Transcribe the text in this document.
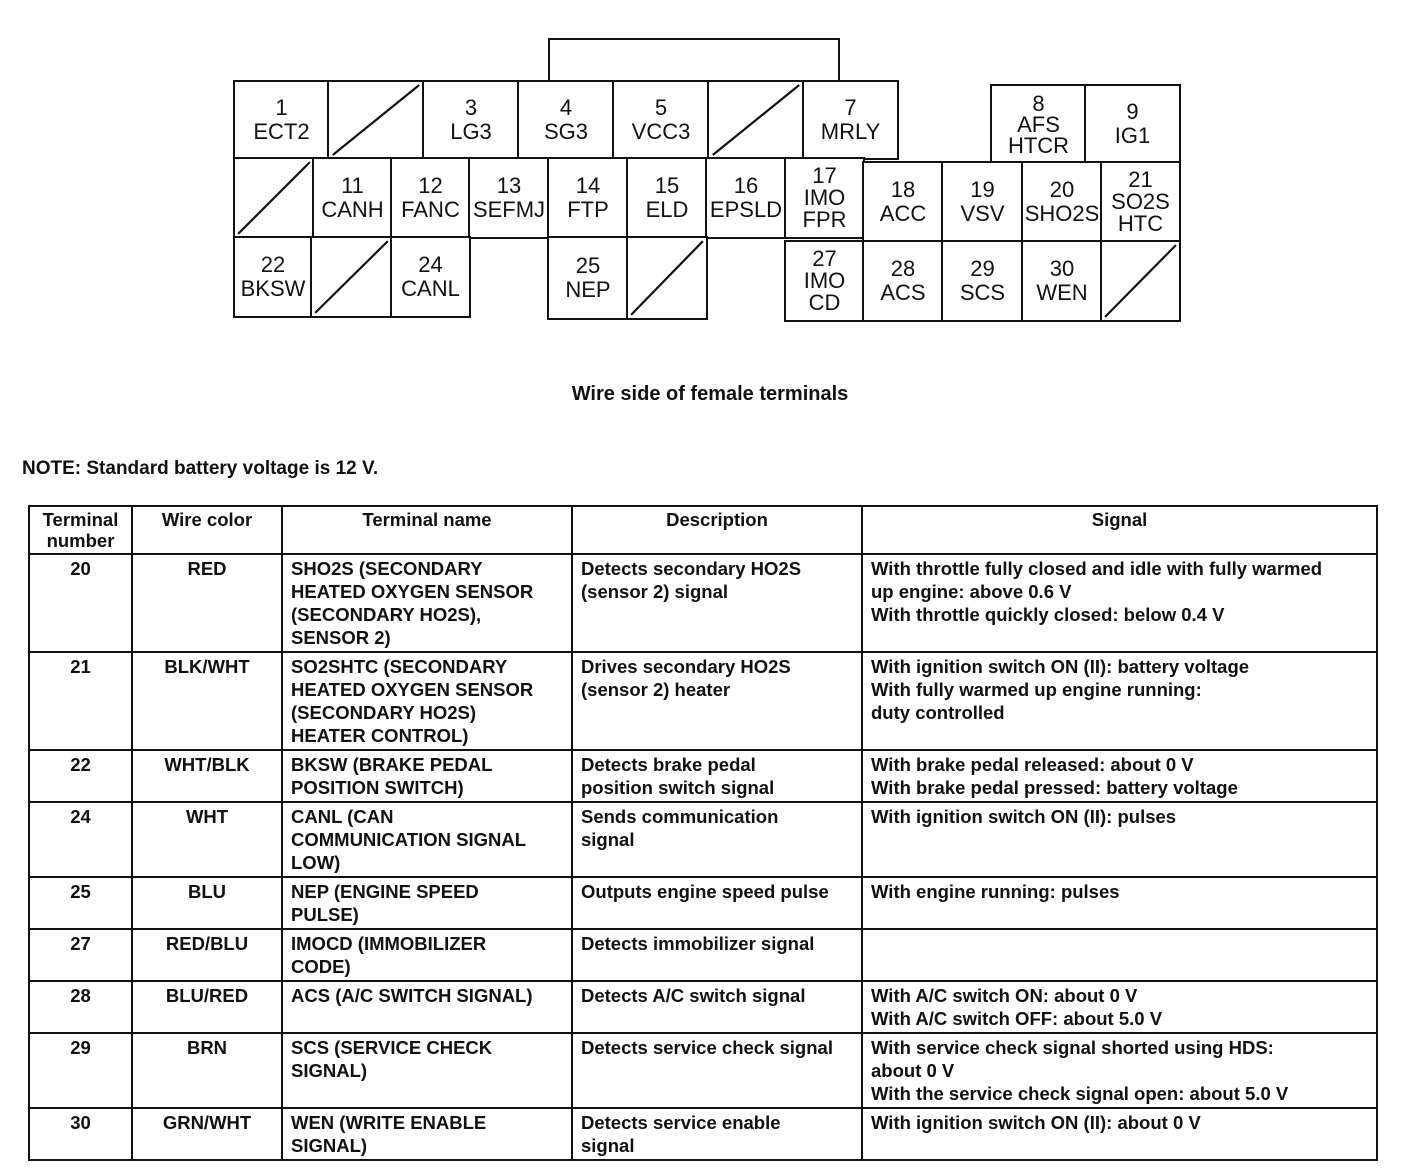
1
ECT2
3
LG3
4
SG3
5
VCC3
7
MRLY
8
AFS
HTCR
9
IG1
11
CANH
12
FANC
13
SEFMJ
14
FTP
15
ELD
16
EPSLD
17
IMO
FPR
18
ACC
19
VSV
20
SHO2S
21
SO2S
HTC
22
BKSW
24
CANL
25
NEP
27
IMO
CD
28
ACS
29
SCS
30
WEN
Wire side of female terminals
NOTE: Standard battery voltage is 12 V.
Terminal
number	Wire color	Terminal name	Description	Signal
20	RED	SHO2S (SECONDARY
HEATED OXYGEN SENSOR
(SECONDARY HO2S),
SENSOR 2)	Detects secondary HO2S
(sensor 2) signal	With throttle fully closed and idle with fully warmed
up engine: above 0.6 V
With throttle quickly closed: below 0.4 V
21	BLK/WHT	SO2SHTC (SECONDARY
HEATED OXYGEN SENSOR
(SECONDARY HO2S)
HEATER CONTROL)	Drives secondary HO2S
(sensor 2) heater	With ignition switch ON (II): battery voltage
With fully warmed up engine running:
duty controlled
22	WHT/BLK	BKSW (BRAKE PEDAL
POSITION SWITCH)	Detects brake pedal
position switch signal	With brake pedal released: about 0 V
With brake pedal pressed: battery voltage
24	WHT	CANL (CAN
COMMUNICATION SIGNAL
LOW)	Sends communication
signal	With ignition switch ON (II): pulses
25	BLU	NEP (ENGINE SPEED
PULSE)	Outputs engine speed pulse	With engine running: pulses
27	RED/BLU	IMOCD (IMMOBILIZER
CODE)	Detects immobilizer signal	
28	BLU/RED	ACS (A/C SWITCH SIGNAL)	Detects A/C switch signal	With A/C switch ON: about 0 V
With A/C switch OFF: about 5.0 V
29	BRN	SCS (SERVICE CHECK
SIGNAL)	Detects service check signal	With service check signal shorted using HDS:
about 0 V
With the service check signal open: about 5.0 V
30	GRN/WHT	WEN (WRITE ENABLE
SIGNAL)	Detects service enable
signal	With ignition switch ON (II): about 0 V
